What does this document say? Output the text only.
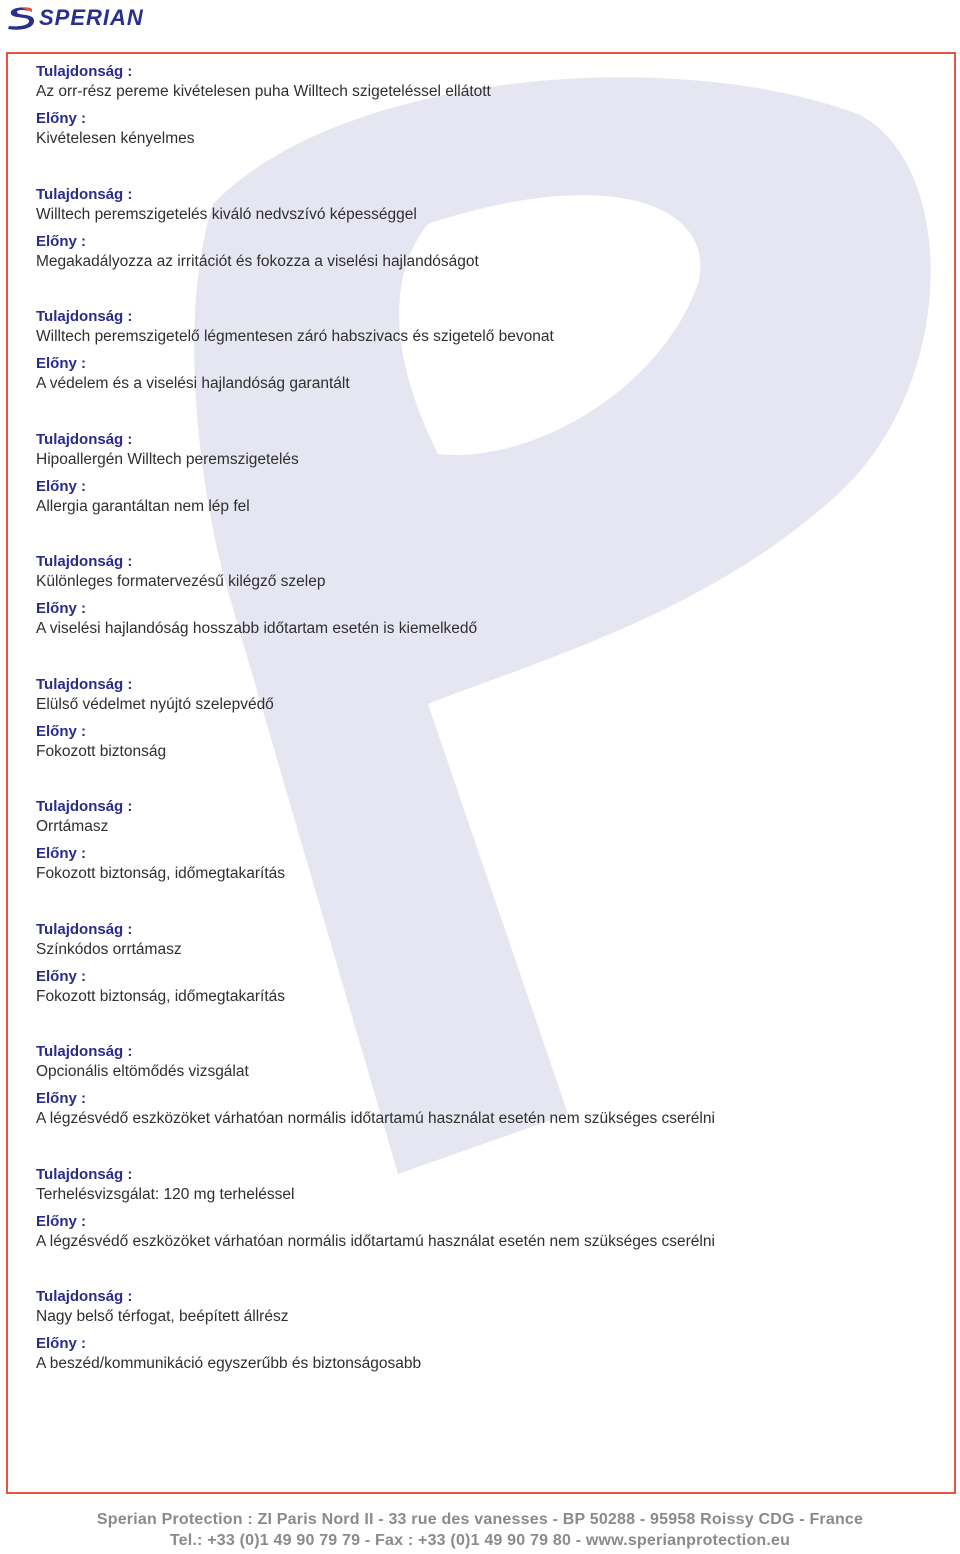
SPERIAN
Tulajdonság :
Az orr-rész pereme kivételesen puha Willtech szigeteléssel ellátott
Előny :
Kivételesen kényelmes
Tulajdonság :
Willtech peremszigetelés kiváló nedvszívó képességgel
Előny :
Megakadályozza az irritációt és fokozza a viselési hajlandóságot
Tulajdonság :
Willtech peremszigetelő légmentesen záró habszivacs és szigetelő bevonat
Előny :
A védelem és a viselési hajlandóság garantált
Tulajdonság :
Hipoallergén Willtech peremszigetelés
Előny :
Allergia garantáltan nem lép fel
Tulajdonság :
Különleges formatervezésű kilégző szelep
Előny :
A viselési hajlandóság hosszabb időtartam esetén is kiemelkedő
Tulajdonság :
Elülső védelmet nyújtó szelepvédő
Előny :
Fokozott biztonság
Tulajdonság :
Orrtámasz
Előny :
Fokozott biztonság, időmegtakarítás
Tulajdonság :
Színkódos orrtámasz
Előny :
Fokozott biztonság, időmegtakarítás
Tulajdonság :
Opcionális eltömődés vizsgálat
Előny :
A légzésvédő eszközöket várhatóan normális időtartamú használat esetén nem szükséges cserélni
Tulajdonság :
Terhelésvizsgálat: 120 mg terheléssel
Előny :
A légzésvédő eszközöket várhatóan normális időtartamú használat esetén nem szükséges cserélni
Tulajdonság :
Nagy belső térfogat, beépített állrész
Előny :
A beszéd/kommunikáció egyszerűbb és biztonságosabb
Sperian Protection : ZI Paris Nord II - 33 rue des vanesses - BP 50288 - 95958 Roissy CDG - France
Tel.: +33 (0)1 49 90 79 79 - Fax : +33 (0)1 49 90 79 80 - www.sperianprotection.eu
